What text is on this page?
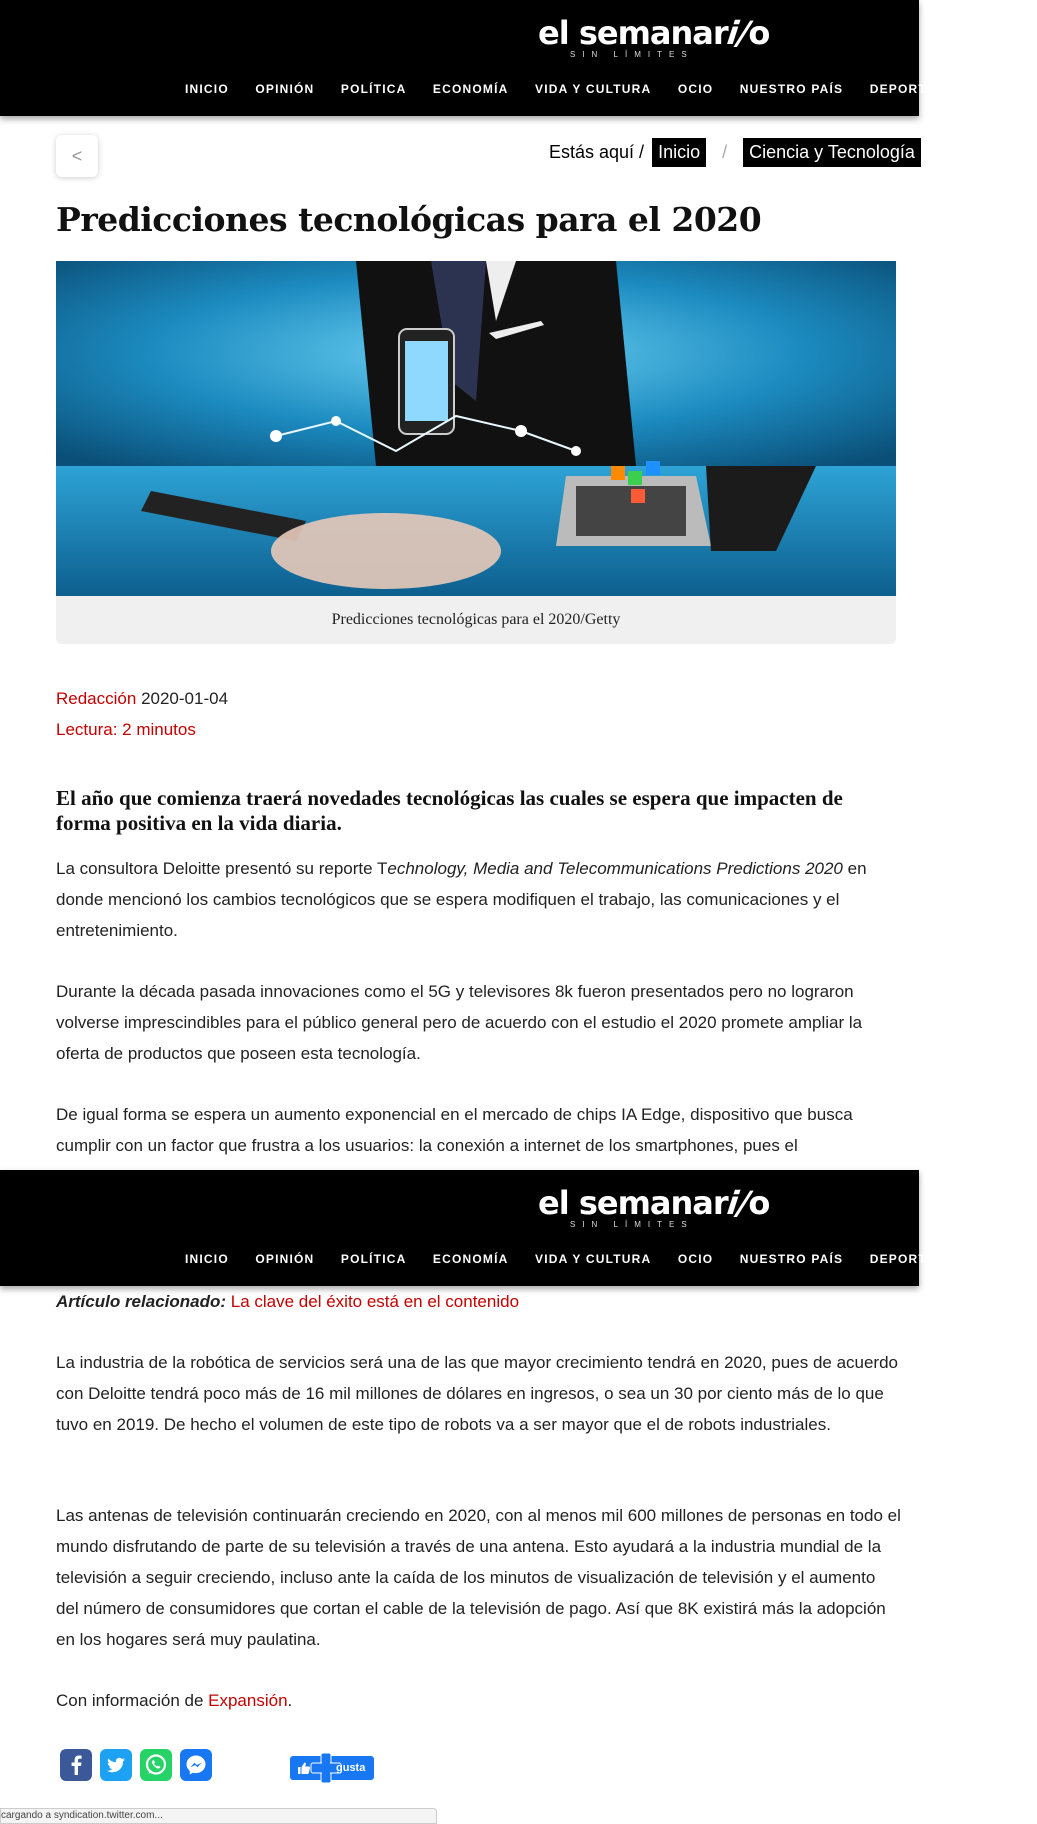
el semanari/o
SIN LÍMITES
INICIO OPINIÓN POLÍTICA ECONOMÍA VIDA Y CULTURA OCIO NUESTRO PAÍS DEPORTES CIENC
<	Estás aquí / Inicio / Ciencia y Tecnología
Predicciones tecnológicas para el 2020
Predicciones tecnológicas para el 2020/Getty
Redacción 2020-01-04
Lectura: 2 minutos

El año que comienza traerá novedades tecnológicas las cuales se espera que impacten de forma positiva en la vida diaria.

La consultora Deloitte presentó su reporte Technology, Media and Telecommunications Predictions 2020 en donde mencionó los cambios tecnológicos que se espera modifiquen el trabajo, las comunicaciones y el entretenimiento.

Durante la década pasada innovaciones como el 5G y televisores 8k fueron presentados pero no lograron volverse imprescindibles para el público general pero de acuerdo con el estudio el 2020 promete ampliar la oferta de productos que poseen esta tecnología.

De igual forma se espera un aumento exponencial en el mercado de chips IA Edge, dispositivo que busca cumplir con un factor que frustra a los usuarios: la conexión a internet de los smartphones, pues el

el semanari/o
SIN LÍMITES
INICIO OPINIÓN POLÍTICA ECONOMÍA VIDA Y CULTURA OCIO NUESTRO PAÍS DEPORTES CIENC

Artículo relacionado: La clave del éxito está en el contenido

La industria de la robótica de servicios será una de las que mayor crecimiento tendrá en 2020, pues de acuerdo con Deloitte tendrá poco más de 16 mil millones de dólares en ingresos, o sea un 30 por ciento más de lo que tuvo en 2019. De hecho el volumen de este tipo de robots va a ser mayor que el de robots industriales.

Las antenas de televisión continuarán creciendo en 2020, con al menos mil 600 millones de personas en todo el mundo disfrutando de parte de su televisión a través de una antena. Esto ayudará a la industria mundial de la televisión a seguir creciendo, incluso ante la caída de los minutos de visualización de televisión y el aumento del número de consumidores que cortan el cable de la televisión de pago. Así que 8K existirá más la adopción en los hogares será muy paulatina.

Con información de Expansión.

gusta
cargando a syndication.twitter.com...
